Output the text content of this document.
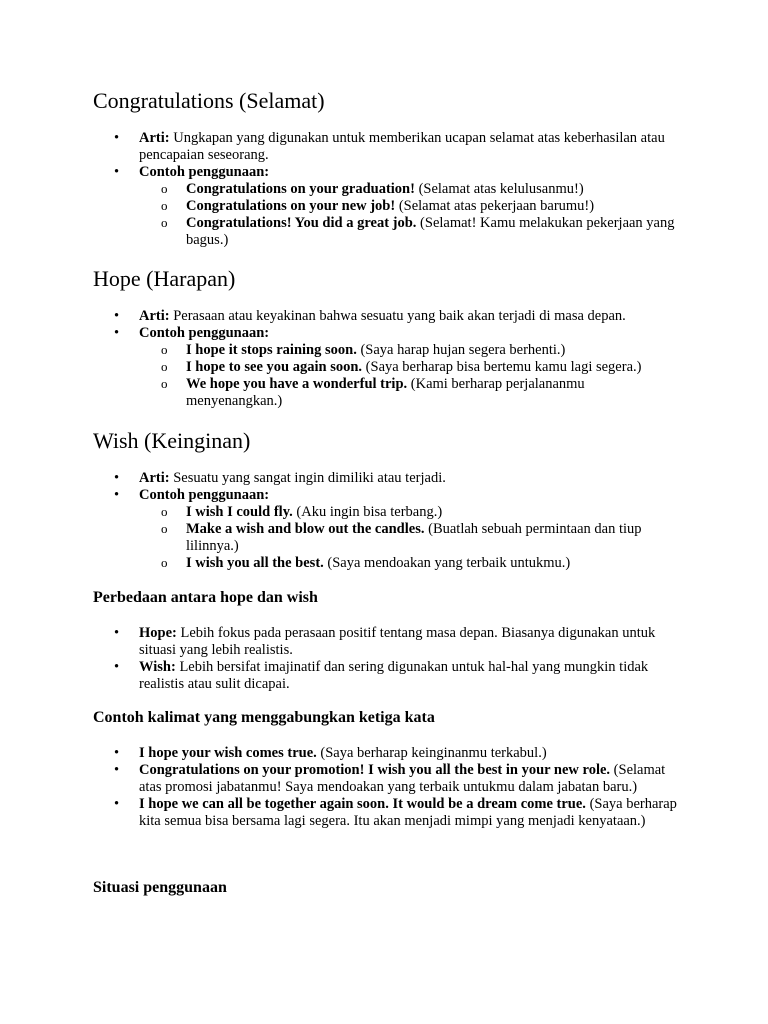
Congratulations (Selamat)
• Arti: Ungkapan yang digunakan untuk memberikan ucapan selamat atas keberhasilan atau pencapaian seseorang.
• Contoh penggunaan:
o Congratulations on your graduation! (Selamat atas kelulusanmu!)
o Congratulations on your new job! (Selamat atas pekerjaan barumu!)
o Congratulations! You did a great job. (Selamat! Kamu melakukan pekerjaan yang bagus.)
Hope (Harapan)
• Arti: Perasaan atau keyakinan bahwa sesuatu yang baik akan terjadi di masa depan.
• Contoh penggunaan:
o I hope it stops raining soon. (Saya harap hujan segera berhenti.)
o I hope to see you again soon. (Saya berharap bisa bertemu kamu lagi segera.)
o We hope you have a wonderful trip. (Kami berharap perjalananmu menyenangkan.)
Wish (Keinginan)
• Arti: Sesuatu yang sangat ingin dimiliki atau terjadi.
• Contoh penggunaan:
o I wish I could fly. (Aku ingin bisa terbang.)
o Make a wish and blow out the candles. (Buatlah sebuah permintaan dan tiup lilinnya.)
o I wish you all the best. (Saya mendoakan yang terbaik untukmu.)
Perbedaan antara hope dan wish
• Hope: Lebih fokus pada perasaan positif tentang masa depan. Biasanya digunakan untuk situasi yang lebih realistis.
• Wish: Lebih bersifat imajinatif dan sering digunakan untuk hal-hal yang mungkin tidak realistis atau sulit dicapai.
Contoh kalimat yang menggabungkan ketiga kata
• I hope your wish comes true. (Saya berharap keinginanmu terkabul.)
• Congratulations on your promotion! I wish you all the best in your new role. (Selamat atas promosi jabatanmu! Saya mendoakan yang terbaik untukmu dalam jabatan baru.)
• I hope we can all be together again soon. It would be a dream come true. (Saya berharap kita semua bisa bersama lagi segera. Itu akan menjadi mimpi yang menjadi kenyataan.)
Situasi penggunaan
